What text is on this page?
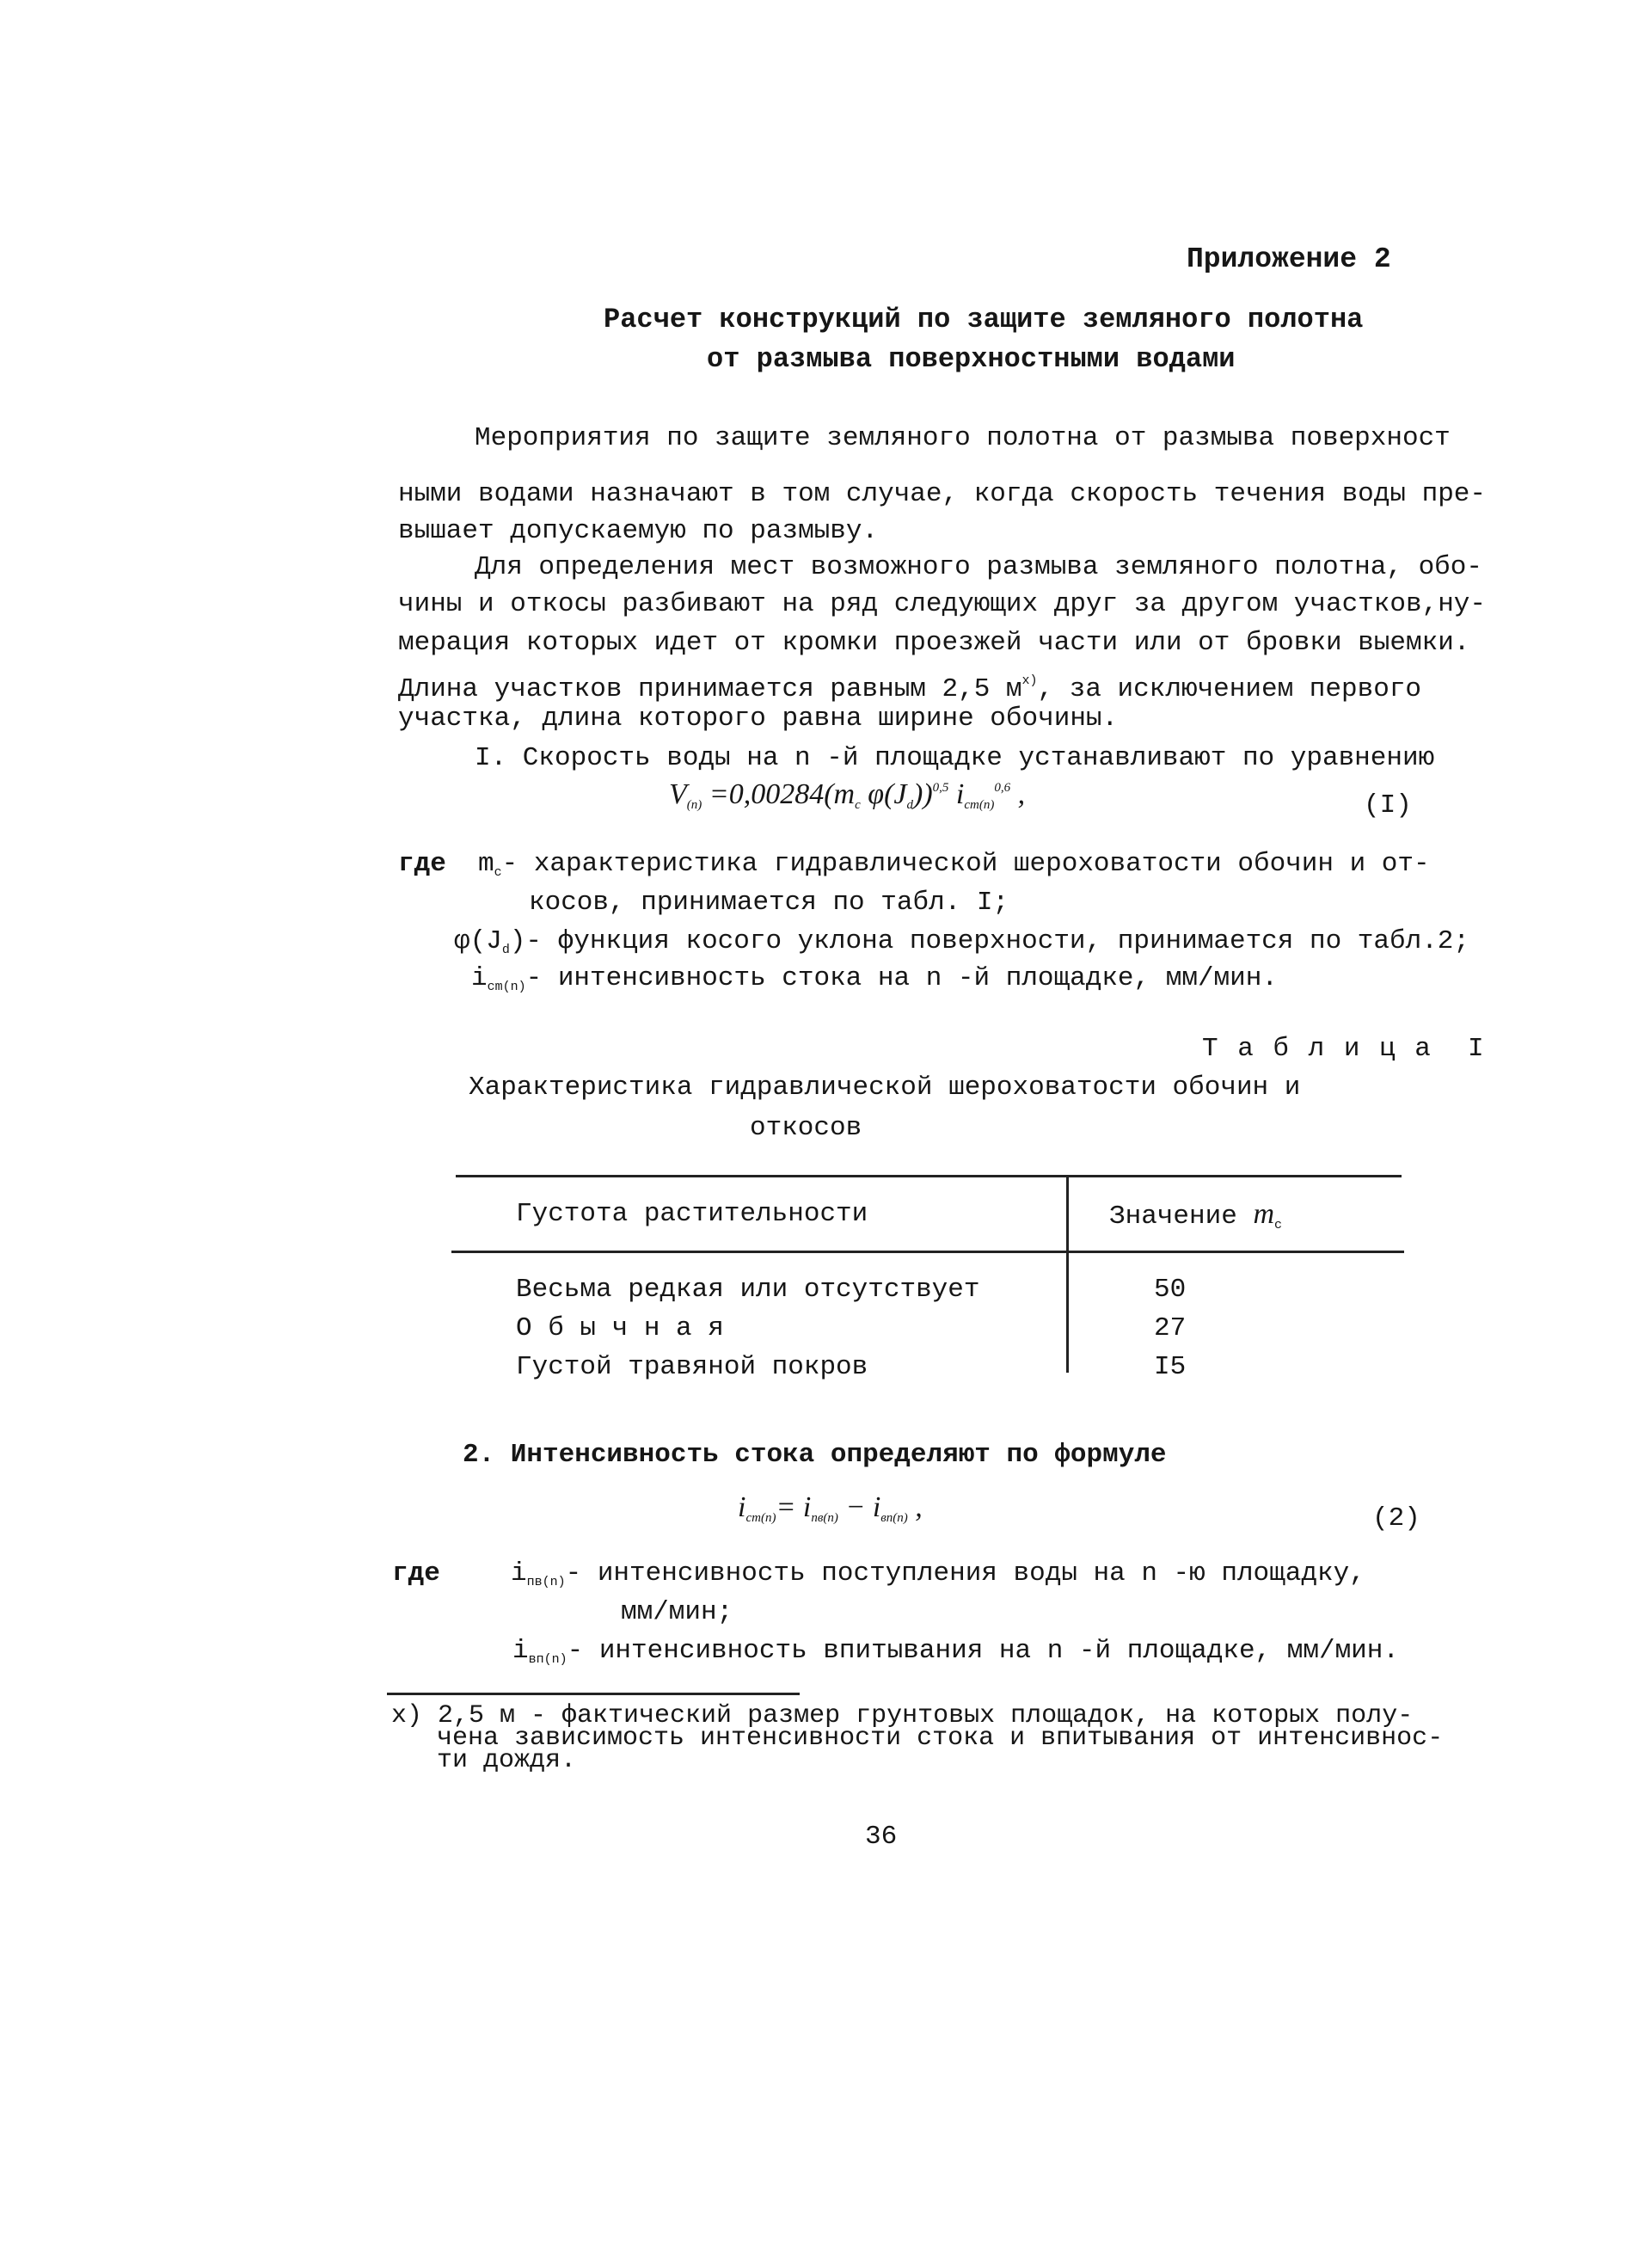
Приложение 2
Расчет конструкций по защите земляного полотна
от размыва поверхностными водами
Мероприятия по защите земляного полотна от размыва поверхност
ными водами назначают в том случае, когда скорость течения воды пре-
вышает допускаемую по размыву.
Для определения мест возможного размыва земляного полотна, обо-
чины и откосы разбивают на ряд следующих друг за другом участков,ну-
мерация которых идет от кромки проезжей части или от бровки выемки.
Длина участков принимается равным 2,5 $м^{x)}$, за исключением первого
участка, длина которого равна ширине обочины.
I. Скорость воды на n -й площадке устанавливают по уравнению
$V_{(n)} =0,00284(m_c$ $\varphi(J_d))^{0,5}$ $i_{cm(n)}^{0,6}$ ,	(I)
где $m_c-$ характеристика гидравлической шероховатости обочин и от-
косов, принимается по табл. I;
$\varphi(J_d)-$ функция косого уклона поверхности, принимается по табл.2;
$i_{cm(n)}-$ интенсивность стока на n -й площадке, мм/мин.
Т а б л и ц а  I
Характеристика гидравлической шероховатости обочин и
откосов
Густота растительности	Значение $m_c$
Весьма редкая или отсутствует	50
О б ы ч н а я	27
Густой травяной покров	I5
2. Интенсивность стока определяют по формуле
$i_{cm(n)}= i_{пв(n)} - i_{вп(n)}$ ,	(2)
где	$i_{пв(n)}-$ интенсивность поступления воды на n -ю площадку,
мм/мин;
$i_{вп(n)}-$ интенсивность впитывания на n -й площадке, мм/мин.
х) 2,5 м - фактический размер грунтовых площадок, на которых полу-
чена зависимость интенсивности стока и впитывания от интенсивнос-
ти дождя.
36
